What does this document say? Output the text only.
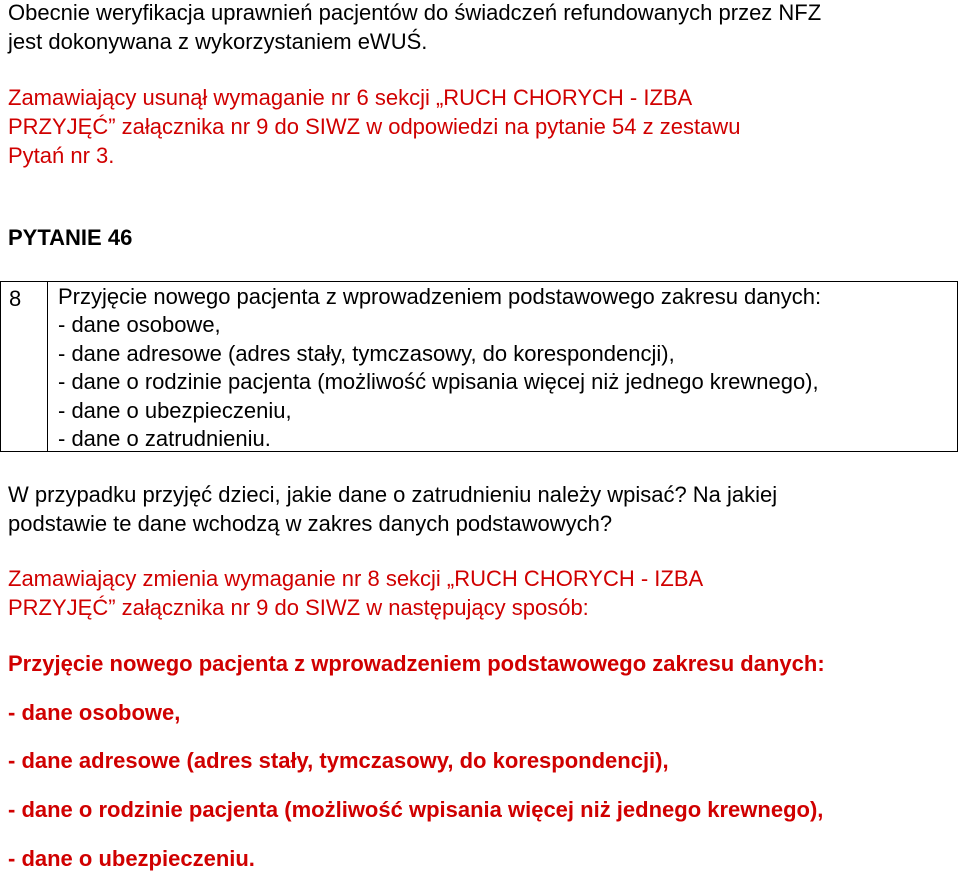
Obecnie weryfikacja uprawnień pacjentów do świadczeń refundowanych przez NFZ

jest dokonywana z wykorzystaniem eWUŚ.

Zamawiający usunął wymaganie nr 6 sekcji „RUCH CHORYCH - IZBA

PRZYJĘĆ” załącznika nr 9 do SIWZ w odpowiedzi na pytanie 54 z zestawu

Pytań nr 3.

PYTANIE 46

8 Przyjęcie nowego pacjenta z wprowadzeniem podstawowego zakresu danych:
- dane osobowe,
- dane adresowe (adres stały, tymczasowy, do korespondencji),
- dane o rodzinie pacjenta (możliwość wpisania więcej niż jednego krewnego),
- dane o ubezpieczeniu,
- dane o zatrudnieniu.

W przypadku przyjęć dzieci, jakie dane o zatrudnieniu należy wpisać? Na jakiej

podstawie te dane wchodzą w zakres danych podstawowych?

Zamawiający zmienia wymaganie nr 8 sekcji „RUCH CHORYCH - IZBA

PRZYJĘĆ” załącznika nr 9 do SIWZ w następujący sposób:

Przyjęcie nowego pacjenta z wprowadzeniem podstawowego zakresu danych:

- dane osobowe,

- dane adresowe (adres stały, tymczasowy, do korespondencji),

- dane o rodzinie pacjenta (możliwość wpisania więcej niż jednego krewnego),

- dane o ubezpieczeniu.
